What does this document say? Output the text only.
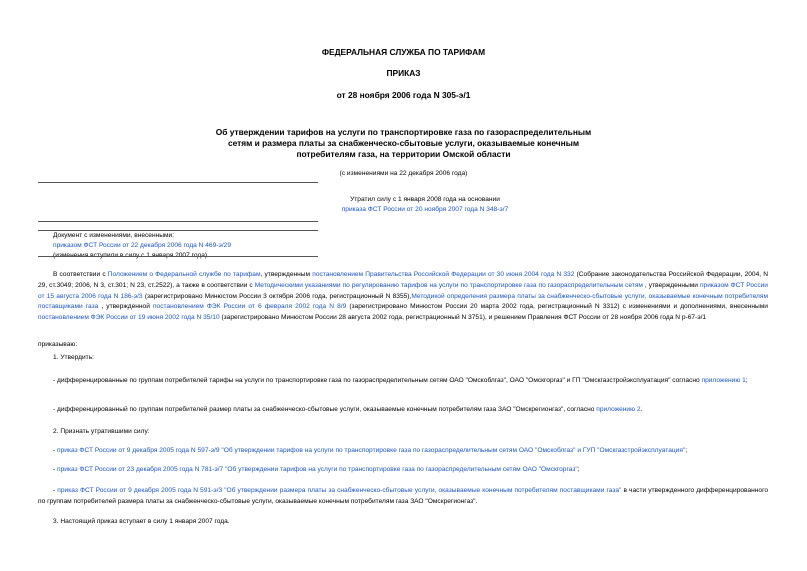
ФЕДЕРАЛЬНАЯ СЛУЖБА ПО ТАРИФАМ
ПРИКАЗ
от 28 ноября 2006 года N 305-э/1
Об утверждении тарифов на услуги по транспортировке газа по газораспределительным
сетям и размера платы за снабженческо-сбытовые услуги, оказываемые конечным
потребителям газа, на территории Омской области
(с изменениями на 22 декабря 2006 года)
Утратил силу с 1 января 2008 года на основании
приказа ФСТ России от 20 ноября 2007 года N 348-э/7
Документ с изменениями, внесенными:
приказом ФСТ России от 22 декабря 2006 года N 469-э/29
(изменения вступили в силу с 1 января 2007 года).
В соответствии с Положением о Федеральной службе по тарифам, утвержденным постановлением Правительства Российской Федерации от 30 июня 2004 года N 332 (Собрание законодательства Российской Федерации, 2004, N 29, ст.3049; 2006, N 3, ст.301; N 23, ст.2522), а также в соответствии с Методическими указаниями по регулированию тарифов на услуги по транспортировке газа по газораспределительным сетям , утвержденными приказом ФСТ России от 15 августа 2006 года N 186-э/3 (зарегистрировано Минюстом России 3 октября 2006 года, регистрационный N 8355),Методикой определения размера платы за снабженческо-сбытовые услуги, оказываемые конечным потребителям поставщиками газа , утвержденной постановлением ФЭК России от 6 февраля 2002 года N 8/9 (зарегистрировано Минюстом России 20 марта 2002 года, регистрационный N 3312) с изменениями и дополнениями, внесенными постановлением ФЭК России от 19 июня 2002 года N 35/10 (зарегистрировано Минюстом России 28 августа 2002 года, регистрационный N 3751), и решением Правления ФСТ России от 28 ноября 2006 года N р-67-э/1
приказываю:
1. Утвердить:
- дифференцированные по группам потребителей тарифы на услуги по транспортировке газа по газораспределительным сетям ОАО "Омскоблгаз", ОАО "Омскгоргаз" и ГП "Омскгазстройэксплуатация" согласно приложению 1;
- дифференцированный по группам потребителей размер платы за снабженческо-сбытовые услуги, оказываемые конечным потребителям газа ЗАО "Омскрегионгаз", согласно приложению 2.
2. Признать утратившими силу:
- приказ ФСТ России от 9 декабря 2005 года N 597-э/9 "Об утверждении тарифов на услуги по транспортировке газа по газораспределительным сетям ОАО "Омскоблгаз" и ГУП "Омскгазстройэксплуатация";
- приказ ФСТ России от 23 декабря 2005 года N 781-э/7 "Об утверждении тарифов на услуги по транспортировке газа по газораспределительным сетям ОАО "Омскгоргаз";
- приказ ФСТ России от 9 декабря 2005 года N 591-э/3 "Об утверждении размера платы за снабженческо-сбытовые услуги, оказываемые конечным потребителям поставщиками газа" в части утвержденного дифференцированного по группам потребителей размера платы за снабженческо-сбытовые услуги, оказываемые конечным потребителям газа ЗАО "Омскрегионгаз".
3. Настоящий приказ вступает в силу 1 января 2007 года.
